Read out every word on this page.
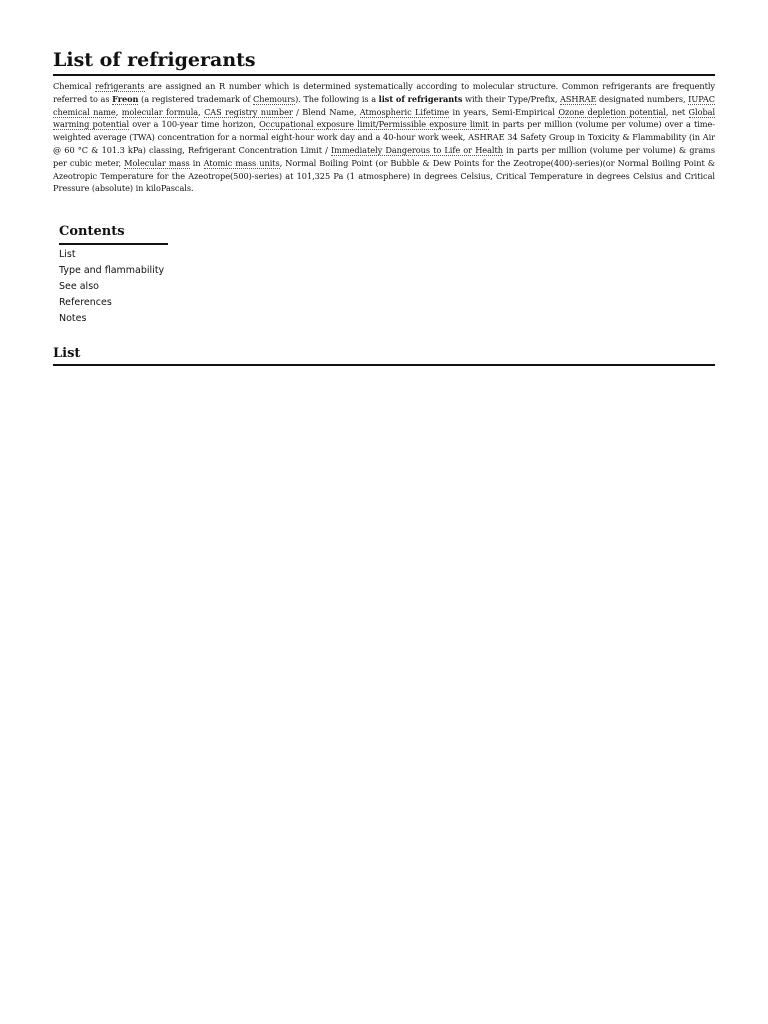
List of refrigerants

Chemical refrigerants are assigned an R number which is determined systematically according to molecular structure. Common refrigerants are frequently referred to as Freon (a registered trademark of Chemours). The following is a list of refrigerants with their Type/Prefix, ASHRAE designated numbers, IUPAC chemical name, molecular formula, CAS registry number / Blend Name, Atmospheric Lifetime in years, Semi-Empirical Ozone depletion potential, net Global warming potential over a 100-year time horizon, Occupational exposure limit/Permissible exposure limit in parts per million (volume per volume) over a time-weighted average (TWA) concentration for a normal eight-hour work day and a 40-hour work week, ASHRAE 34 Safety Group in Toxicity & Flammability (in Air @ 60 °C & 101.3 kPa) classing, Refrigerant Concentration Limit / Immediately Dangerous to Life or Health in parts per million (volume per volume) & grams per cubic meter, Molecular mass in Atomic mass units, Normal Boiling Point (or Bubble & Dew Points for the Zeotrope(400)-series)(or Normal Boiling Point & Azeotropic Temperature for the Azeotrope(500)-series) at 101,325 Pa (1 atmosphere) in degrees Celsius, Critical Temperature in degrees Celsius and Critical Pressure (absolute) in kiloPascals.

Contents
List
Type and flammability
See also
References
Notes
List
